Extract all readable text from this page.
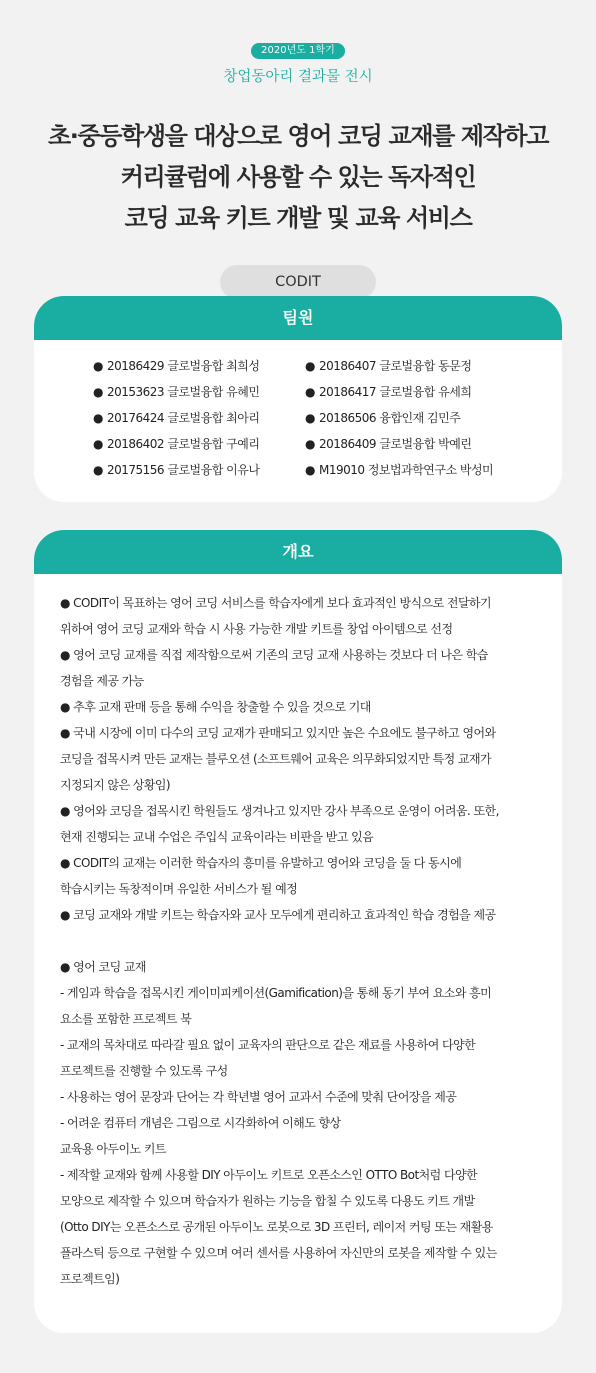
2020년도 1학기
창업동아리 결과물 전시
초·중등학생을 대상으로 영어 코딩 교재를 제작하고
커리큘럼에 사용할 수 있는 독자적인
코딩 교육 키트 개발 및 교육 서비스
CODIT
팀원
● 20186429 글로벌융합 최희성	● 20186407 글로벌융합 동문정
● 20153623 글로벌융합 유혜민	● 20186417 글로벌융합 유세희
● 20176424 글로벌융합 최아리	● 20186506 융합인재 김민주
● 20186402 글로벌융합 구예리	● 20186409 글로벌융합 박예린
● 20175156 글로벌융합 이유나	● M19010 정보법과학연구소 박성미
개요
● CODIT이 목표하는 영어 코딩 서비스를 학습자에게 보다 효과적인 방식으로 전달하기
위하여 영어 코딩 교재와 학습 시 사용 가능한 개발 키트를 창업 아이템으로 선정
● 영어 코딩 교재를 직접 제작함으로써 기존의 코딩 교재 사용하는 것보다 더 나은 학습
경험을 제공 가능
● 추후 교재 판매 등을 통해 수익을 창출할 수 있을 것으로 기대
● 국내 시장에 이미 다수의 코딩 교재가 판매되고 있지만 높은 수요에도 불구하고 영어와
코딩을 접목시켜 만든 교재는 블루오션 (소프트웨어 교육은 의무화되었지만 특정 교재가
지정되지 않은 상황임)
● 영어와 코딩을 접목시킨 학원들도 생겨나고 있지만 강사 부족으로 운영이 어려움. 또한,
현재 진행되는 교내 수업은 주입식 교육이라는 비판을 받고 있음
● CODIT의 교재는 이러한 학습자의 흥미를 유발하고 영어와 코딩을 둘 다 동시에
학습시키는 독창적이며 유일한 서비스가 될 예정
● 코딩 교재와 개발 키트는 학습자와 교사 모두에게 편리하고 효과적인 학습 경험을 제공
● 영어 코딩 교재
- 게임과 학습을 접목시킨 게이미피케이션(Gamification)을 통해 동기 부여 요소와 흥미
요소를 포함한 프로젝트 북
- 교재의 목차대로 따라갈 필요 없이 교육자의 판단으로 같은 재료를 사용하여 다양한
프로젝트를 진행할 수 있도록 구성
- 사용하는 영어 문장과 단어는 각 학년별 영어 교과서 수준에 맞춰 단어장을 제공
- 어려운 컴퓨터 개념은 그림으로 시각화하여 이해도 향상
교육용 아두이노 키트
- 제작할 교재와 함께 사용할 DIY 아두이노 키트로 오픈소스인 OTTO Bot처럼 다양한
모양으로 제작할 수 있으며 학습자가 원하는 기능을 합칠 수 있도록 다용도 키트 개발
(Otto DIY는 오픈소스로 공개된 아두이노 로봇으로 3D 프린터, 레이저 커팅 또는 재활용
플라스틱 등으로 구현할 수 있으며 여러 센서를 사용하여 자신만의 로봇을 제작할 수 있는
프로젝트임)
